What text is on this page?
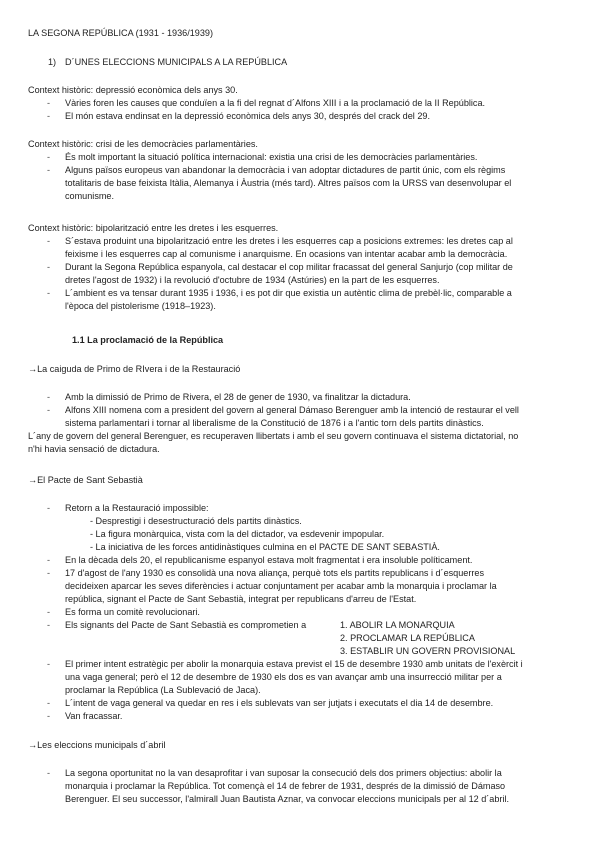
LA SEGONA REPÚBLICA (1931 - 1936/1939)
1) D´UNES ELECCIONS MUNICIPALS A LA REPÚBLICA
Context històric: depressió econòmica dels anys 30.
- Vàries foren les causes que conduïen a la fi del regnat d´Alfons XIII i a la proclamació de la II República.
- El món estava endinsat en la depressió econòmica dels anys 30, després del crack del 29.
Context històric: crisi de les democràcies parlamentàries.
- És molt important la situació política internacional: existia una crisi de les democràcies parlamentàries.
- Alguns països europeus van abandonar la democràcia i van adoptar dictadures de partit únic, com els règims
totalitaris de base feixista Itàlia, Alemanya i Àustria (més tard). Altres països com la URSS van desenvolupar el
comunisme.
Context històric: bipolarització entre les dretes i les esquerres.
- S´estava produint una bipolarització entre les dretes i les esquerres cap a posicions extremes: les dretes cap al
feixisme i les esquerres cap al comunisme i anarquisme. En ocasions van intentar acabar amb la democràcia.
- Durant la Segona República espanyola, cal destacar el cop militar fracassat del general Sanjurjo (cop militar de
dretes l'agost de 1932) i la revolució d'octubre de 1934 (Astúries) en la part de les esquerres.
- L´ambient es va tensar durant 1935 i 1936, i es pot dir que existia un autèntic clima de prebèl·lic, comparable a
l'època del pistolerisme (1918–1923).
1.1 La proclamació de la República
→La caiguda de Primo de RIvera i de la Restauració
- Amb la dimissió de Primo de Rivera, el 28 de gener de 1930, va finalitzar la dictadura.
- Alfons XIII nomena com a president del govern al general Dámaso Berenguer amb la intenció de restaurar el vell
sistema parlamentari i tornar al liberalisme de la Constitució de 1876 i a l'antic torn dels partits dinàstics.
L´any de govern del general Berenguer, es recuperaven llibertats i amb el seu govern continuava el sistema dictatorial, no
n'hi havia sensació de dictadura.
→El Pacte de Sant Sebastià
- Retorn a la Restauració impossible:
- Desprestigi i desestructuració dels partits dinàstics.
- La figura monàrquica, vista com la del dictador, va esdevenir impopular.
- La iniciativa de les forces antidinàstiques culmina en el PACTE DE SANT SEBASTIÀ.
- En la dècada dels 20, el republicanisme espanyol estava molt fragmentat i era insoluble políticament.
- 17 d'agost de l'any 1930 es consolidà una nova aliança, perquè tots els partits republicans i d´esquerres
decideixen aparcar les seves diferències i actuar conjuntament per acabar amb la monarquia i proclamar la
república, signant el Pacte de Sant Sebastià, integrat per republicans d'arreu de l'Estat.
- Es forma un comitè revolucionari.
- Els signants del Pacte de Sant Sebastià es comprometien a	1. ABOLIR LA MONARQUIA
2. PROCLAMAR LA REPÚBLICA
3. ESTABLIR UN GOVERN PROVISIONAL
- El primer intent estratègic per abolir la monarquia estava previst el 15 de desembre 1930 amb unitats de l'exèrcit i
una vaga general; però el 12 de desembre de 1930 els dos es van avançar amb una insurrecció militar per a
proclamar la República (La Sublevació de Jaca).
- L´intent de vaga general va quedar en res i els sublevats van ser jutjats i executats el dia 14 de desembre.
- Van fracassar.
→Les eleccions municipals d´abril
- La segona oportunitat no la van desaprofitar i van suposar la consecució dels dos primers objectius: abolir la
monarquia i proclamar la República. Tot començà el 14 de febrer de 1931, després de la dimissió de Dámaso
Berenguer. El seu successor, l'almirall Juan Bautista Aznar, va convocar eleccions municipals per al 12 d´abril.
